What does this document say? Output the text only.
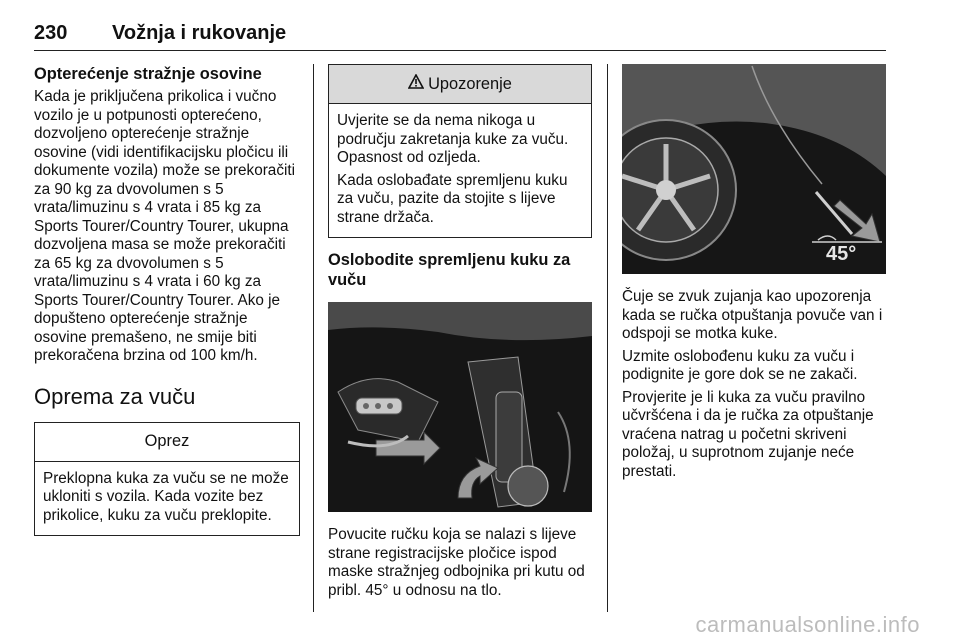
230 Vožnja i rukovanje
Opterećenje stražnje osovine

Kada je priključena prikolica i vučno vozilo je u potpunosti opterećeno, dozvoljeno opterećenje stražnje osovine (vidi identifikacijsku pločicu ili dokumente vozila) može se prekoračiti za 90 kg za dvovolumen s 5 vrata/limuzinu s 4 vrata i 85 kg za Sports Tourer/Country Tourer, ukupna dozvoljena masa se može prekoračiti za 65 kg za dvovolumen s 5 vrata/limuzinu s 4 vrata i 60 kg za Sports Tourer/Country Tourer. Ako je dopušteno opterećenje stražnje osovine premašeno, ne smije biti prekoračena brzina od 100 km/h.

Oprema za vuču
Oprez

Preklopna kuka za vuču se ne može ukloniti s vozila. Kada vozite bez prikolice, kuku za vuču preklopite.

Upozorenje

Uvjerite se da nema nikoga u području zakretanja kuke za vuču. Opasnost od ozljeda.

Kada oslobađate spremljenu kuku za vuču, pazite da stojite s lijeve strane držača.

Oslobodite spremljenu kuku za vuču

Povucite ručku koja se nalazi s lijeve strane registracijske pločice ispod maske stražnjeg odbojnika pri kutu od pribl. 45° u odnosu na tlo.

45°

Čuje se zvuk zujanja kao upozorenja kada se ručka otpuštanja povuče van i odspoji se motka kuke.

Uzmite oslobođenu kuku za vuču i podignite je gore dok se ne zakači.

Provjerite je li kuka za vuču pravilno učvršćena i da je ručka za otpuštanje vraćena natrag u početni skriveni položaj, u suprotnom zujanje neće prestati.

carmanualsonline.info
